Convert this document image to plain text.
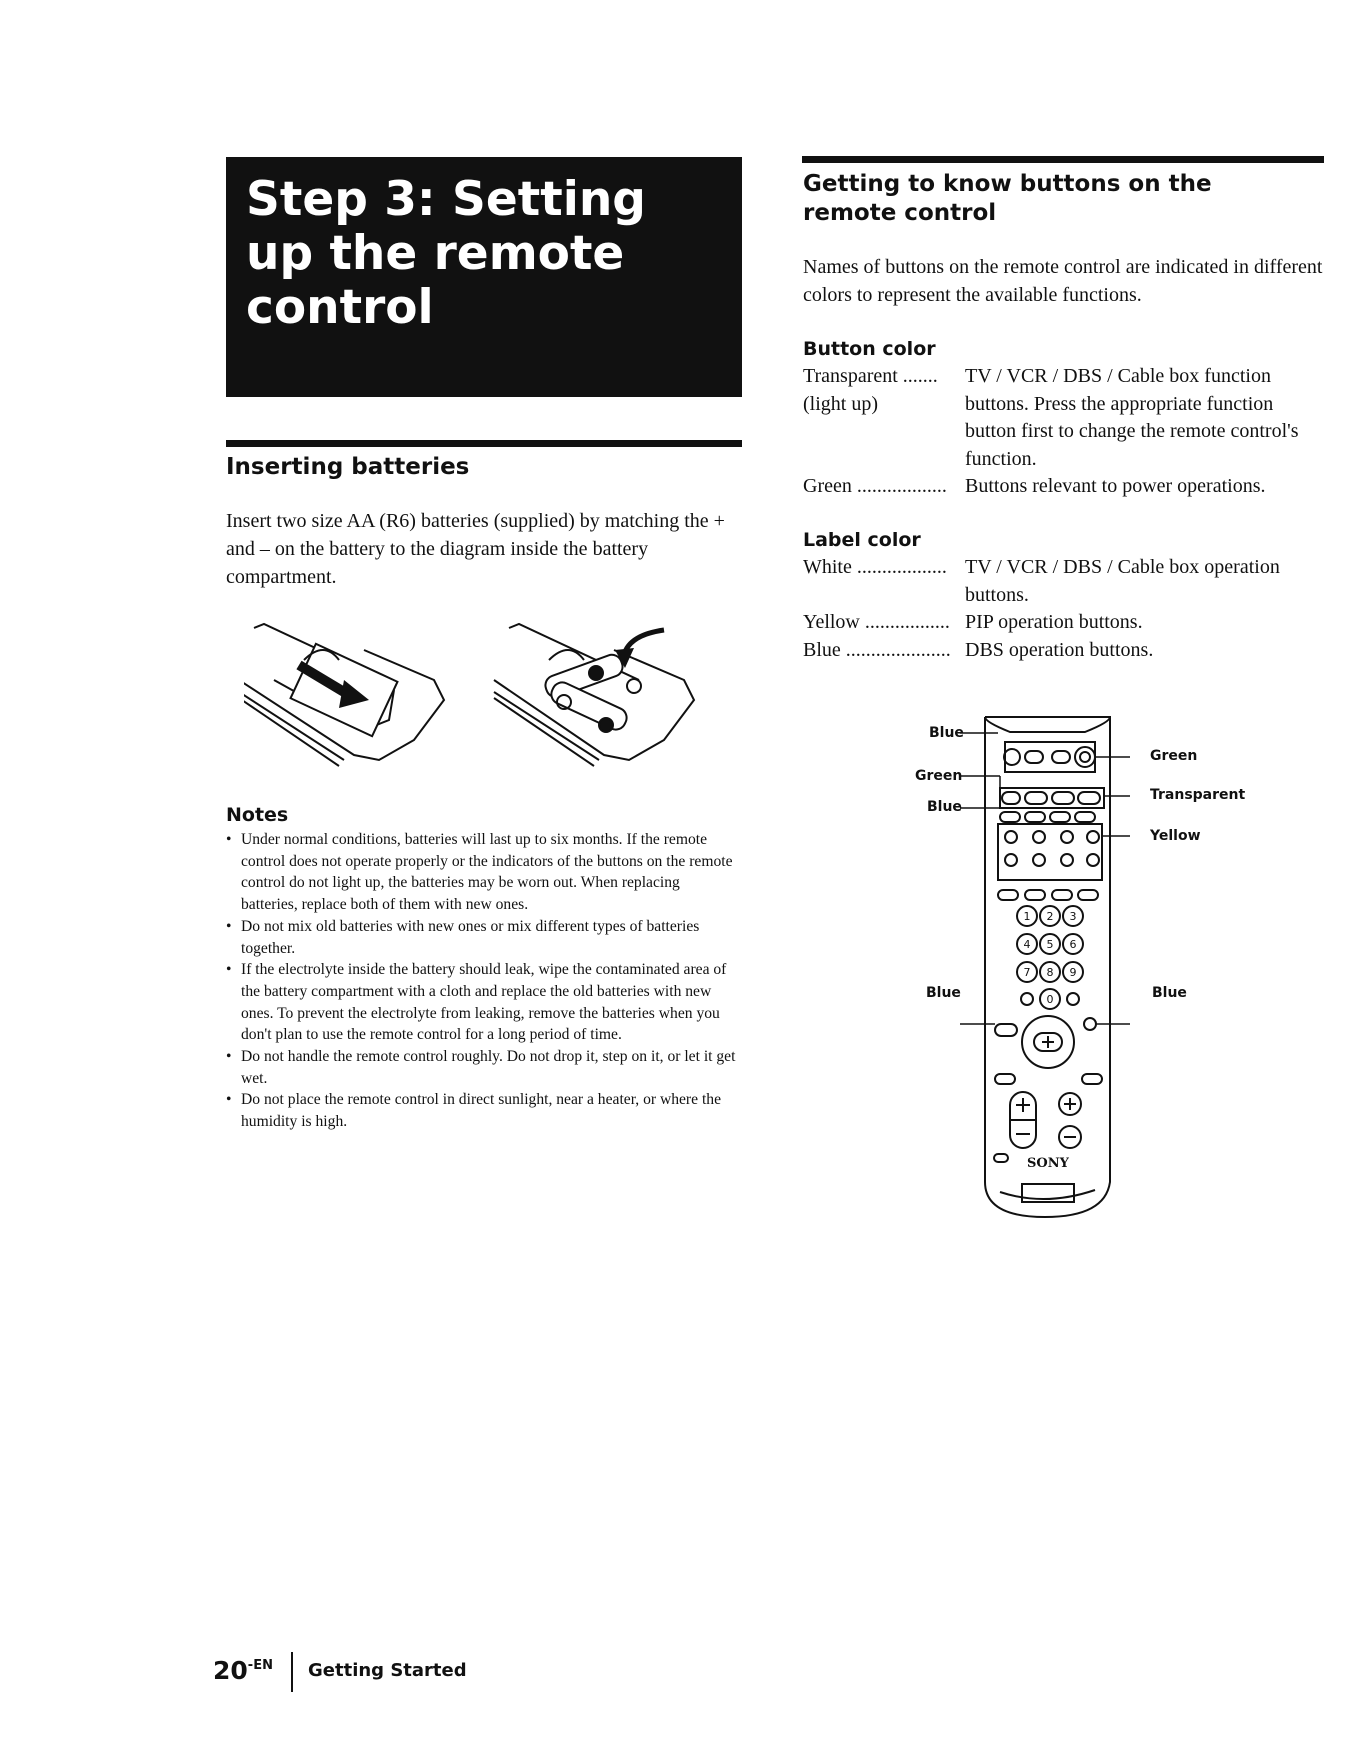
Step 3: Setting up the remote control
Inserting batteries

Insert two size AA (R6) batteries (supplied) by matching the + and – on the battery to the diagram inside the battery compartment.

Notes
• Under normal conditions, batteries will last up to six months. If the remote control does not operate properly or the indicators of the buttons on the remote control do not light up, the batteries may be worn out. When replacing batteries, replace both of them with new ones.
• Do not mix old batteries with new ones or mix different types of batteries together.
• If the electrolyte inside the battery should leak, wipe the contaminated area of the battery compartment with a cloth and replace the old batteries with new ones. To prevent the electrolyte from leaking, remove the batteries when you don't plan to use the remote control for a long period of time.
• Do not handle the remote control roughly. Do not drop it, step on it, or let it get wet.
• Do not place the remote control in direct sunlight, near a heater, or where the humidity is high.
Getting to know buttons on the remote control

Names of buttons on the remote control are indicated in different colors to represent the available functions.

Button color
Transparent .......
(light up)
TV / VCR / DBS / Cable box function buttons. Press the appropriate function button first to change the remote control's function.
Green .................. Buttons relevant to power operations.
Label color
White .................. TV / VCR / DBS / Cable box operation buttons.
Yellow ................. PIP operation buttons.
Blue ..................... DBS operation buttons.
1 2 3
4 5 6
7 8 9
0
SONY
Blue
Green
Blue
Blue
Green
Transparent
Yellow
Blue
$20^{-EN}$ Getting Started
